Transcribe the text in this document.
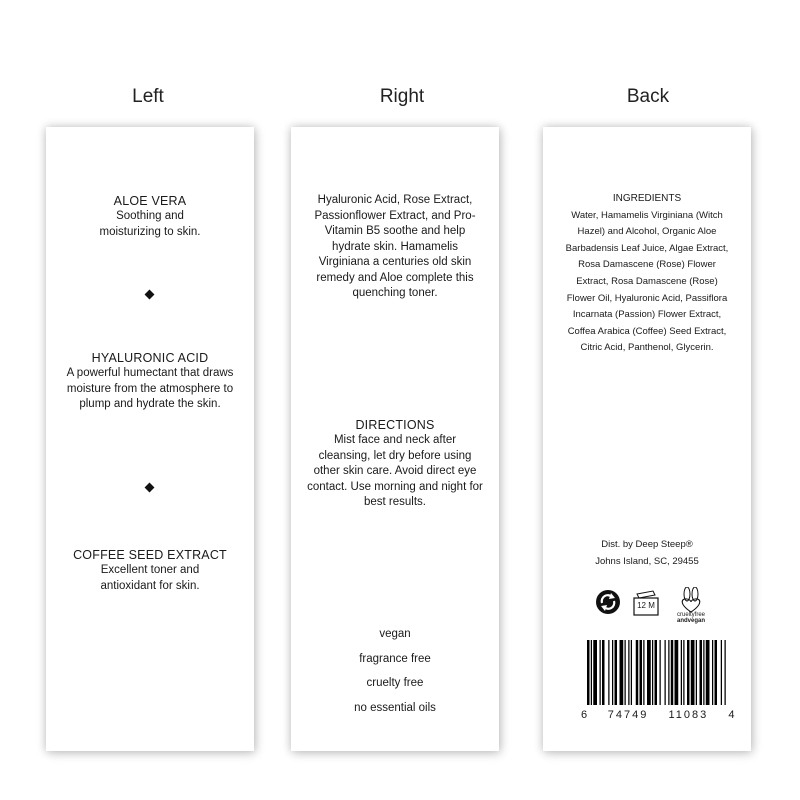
Left	Right	Back
ALOE VERA
Soothing and moisturizing to skin.
HYALURONIC ACID
A powerful humectant that draws moisture from the atmosphere to plump and hydrate the skin.
COFFEE SEED EXTRACT
Excellent toner and antioxidant for skin.
Hyaluronic Acid, Rose Extract, Passionflower Extract, and Pro-Vitamin B5 soothe and help hydrate skin. Hamamelis Virginiana a centuries old skin remedy and Aloe complete this quenching toner.
DIRECTIONS
Mist face and neck after cleansing, let dry before using other skin care. Avoid direct eye contact. Use morning and night for best results.
vegan
fragrance free
cruelty free
no essential oils
INGREDIENTS
Water, Hamamelis Virginiana (Witch Hazel) and Alcohol, Organic Aloe Barbadensis Leaf Juice, Algae Extract, Rosa Damascene (Rose) Flower Extract, Rosa Damascene (Rose) Flower Oil, Hyaluronic Acid, Passiflora Incarnata (Passion) Flower Extract, Coffea Arabica (Coffee) Seed Extract, Citric Acid, Panthenol, Glycerin.
Dist. by Deep Steep®
Johns Island, SC, 29455
12 M
crueltyfree
andvegan
6 74749 11083 4
